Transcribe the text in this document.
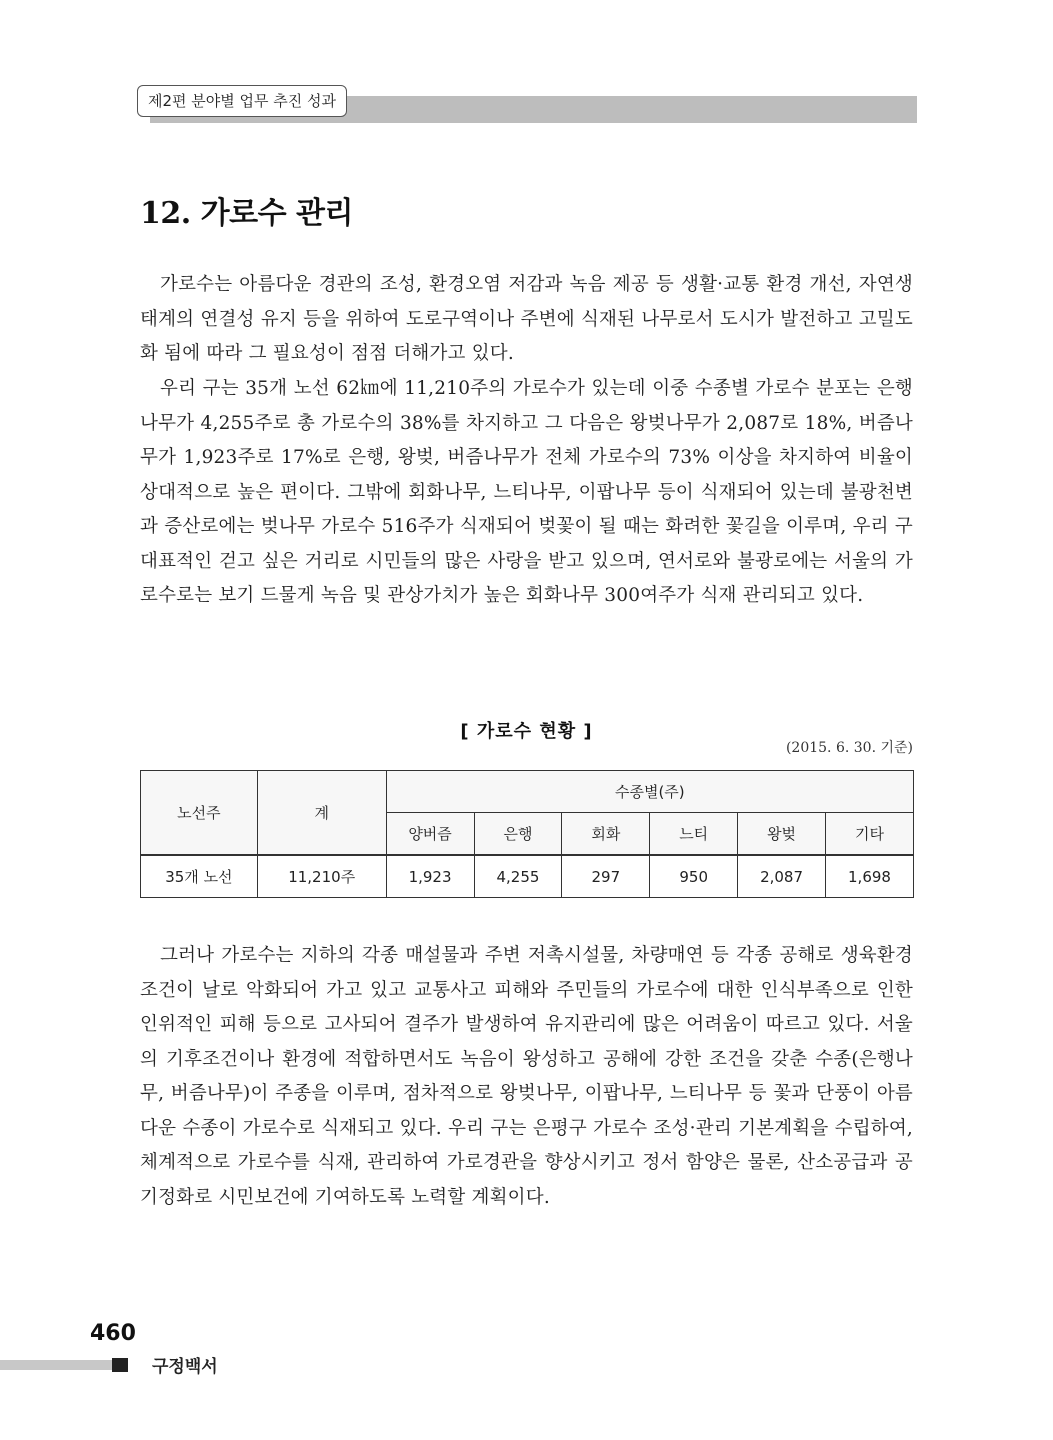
제2편 분야별 업무 추진 성과
12. 가로수 관리

가로수는 아름다운 경관의 조성, 환경오염 저감과 녹음 제공 등 생활·교통 환경 개선, 자연생태계의 연결성 유지 등을 위하여 도로구역이나 주변에 식재된 나무로서 도시가 발전하고 고밀도화 됨에 따라 그 필요성이 점점 더해가고 있다.

우리 구는 35개 노선 62㎞에 11,210주의 가로수가 있는데 이중 수종별 가로수 분포는 은행나무가 4,255주로 총 가로수의 38%를 차지하고 그 다음은 왕벚나무가 2,087로 18%, 버즘나무가 1,923주로 17%로 은행, 왕벚, 버즘나무가 전체 가로수의 73% 이상을 차지하여 비율이 상대적으로 높은 편이다. 그밖에 회화나무, 느티나무, 이팝나무 등이 식재되어 있는데 불광천변과 증산로에는 벚나무 가로수 516주가 식재되어 벚꽃이 될 때는 화려한 꽃길을 이루며, 우리 구 대표적인 걷고 싶은 거리로 시민들의 많은 사랑을 받고 있으며, 연서로와 불광로에는 서울의 가로수로는 보기 드물게 녹음 및 관상가치가 높은 회화나무 300여주가 식재 관리되고 있다.

[ 가로수 현황 ]
(2015. 6. 30. 기준)
노선주	계	수종별(주)					
		양버즘	은행	회화	느티	왕벚	기타
35개 노선	11,210주	1,923	4,255	297	950	2,087	1,698

그러나 가로수는 지하의 각종 매설물과 주변 저촉시설물, 차량매연 등 각종 공해로 생육환경 조건이 날로 악화되어 가고 있고 교통사고 피해와 주민들의 가로수에 대한 인식부족으로 인한 인위적인 피해 등으로 고사되어 결주가 발생하여 유지관리에 많은 어려움이 따르고 있다. 서울의 기후조건이나 환경에 적합하면서도 녹음이 왕성하고 공해에 강한 조건을 갖춘 수종(은행나무, 버즘나무)이 주종을 이루며, 점차적으로 왕벚나무, 이팝나무, 느티나무 등 꽃과 단풍이 아름다운 수종이 가로수로 식재되고 있다. 우리 구는 은평구 가로수 조성·관리 기본계획을 수립하여, 체계적으로 가로수를 식재, 관리하여 가로경관을 향상시키고 정서 함양은 물론, 산소공급과 공기정화로 시민보건에 기여하도록 노력할 계획이다.

460
구정백서
